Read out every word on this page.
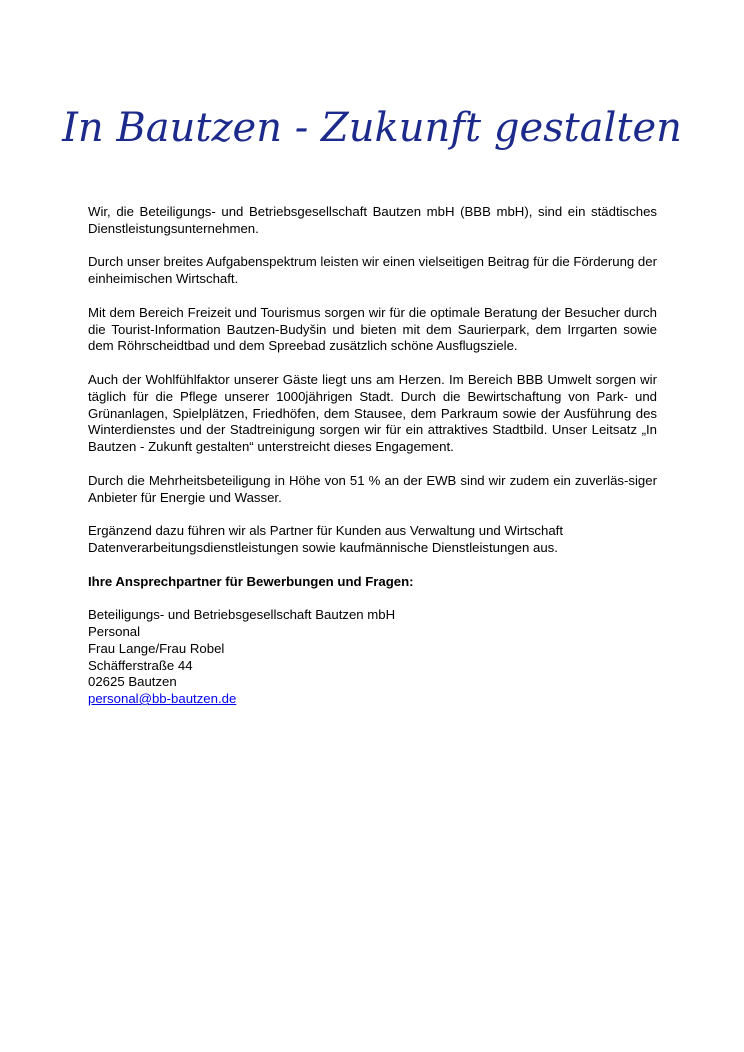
In Bautzen - Zukunft gestalten

Wir, die Beteiligungs- und Betriebsgesellschaft Bautzen mbH (BBB mbH), sind ein städtisches Dienstleistungsunternehmen.

Durch unser breites Aufgabenspektrum leisten wir einen vielseitigen Beitrag für die Förderung der einheimischen Wirtschaft.

Mit dem Bereich Freizeit und Tourismus sorgen wir für die optimale Beratung der Besucher durch die Tourist-Information Bautzen-Budyšin und bieten mit dem Saurierpark, dem Irrgarten sowie dem Röhrscheidtbad und dem Spreebad zusätzlich schöne Ausflugsziele.

Auch der Wohlfühlfaktor unserer Gäste liegt uns am Herzen. Im Bereich BBB Umwelt sorgen wir täglich für die Pflege unserer 1000jährigen Stadt. Durch die Bewirtschaftung von Park- und Grünanlagen, Spielplätzen, Friedhöfen, dem Stausee, dem Parkraum sowie der Ausführung des Winterdienstes und der Stadtreinigung sorgen wir für ein attraktives Stadtbild. Unser Leitsatz „In Bautzen - Zukunft gestalten“ unterstreicht dieses Engagement.

Durch die Mehrheitsbeteiligung in Höhe von 51 % an der EWB sind wir zudem ein zuverläs-siger Anbieter für Energie und Wasser.

Ergänzend dazu führen wir als Partner für Kunden aus Verwaltung und Wirtschaft Datenverarbeitungsdienstleistungen sowie kaufmännische Dienstleistungen aus.

Ihre Ansprechpartner für Bewerbungen und Fragen:

Beteiligungs- und Betriebsgesellschaft Bautzen mbH
Personal
Frau Lange/Frau Robel
Schäfferstraße 44
02625 Bautzen
personal@bb-bautzen.de
